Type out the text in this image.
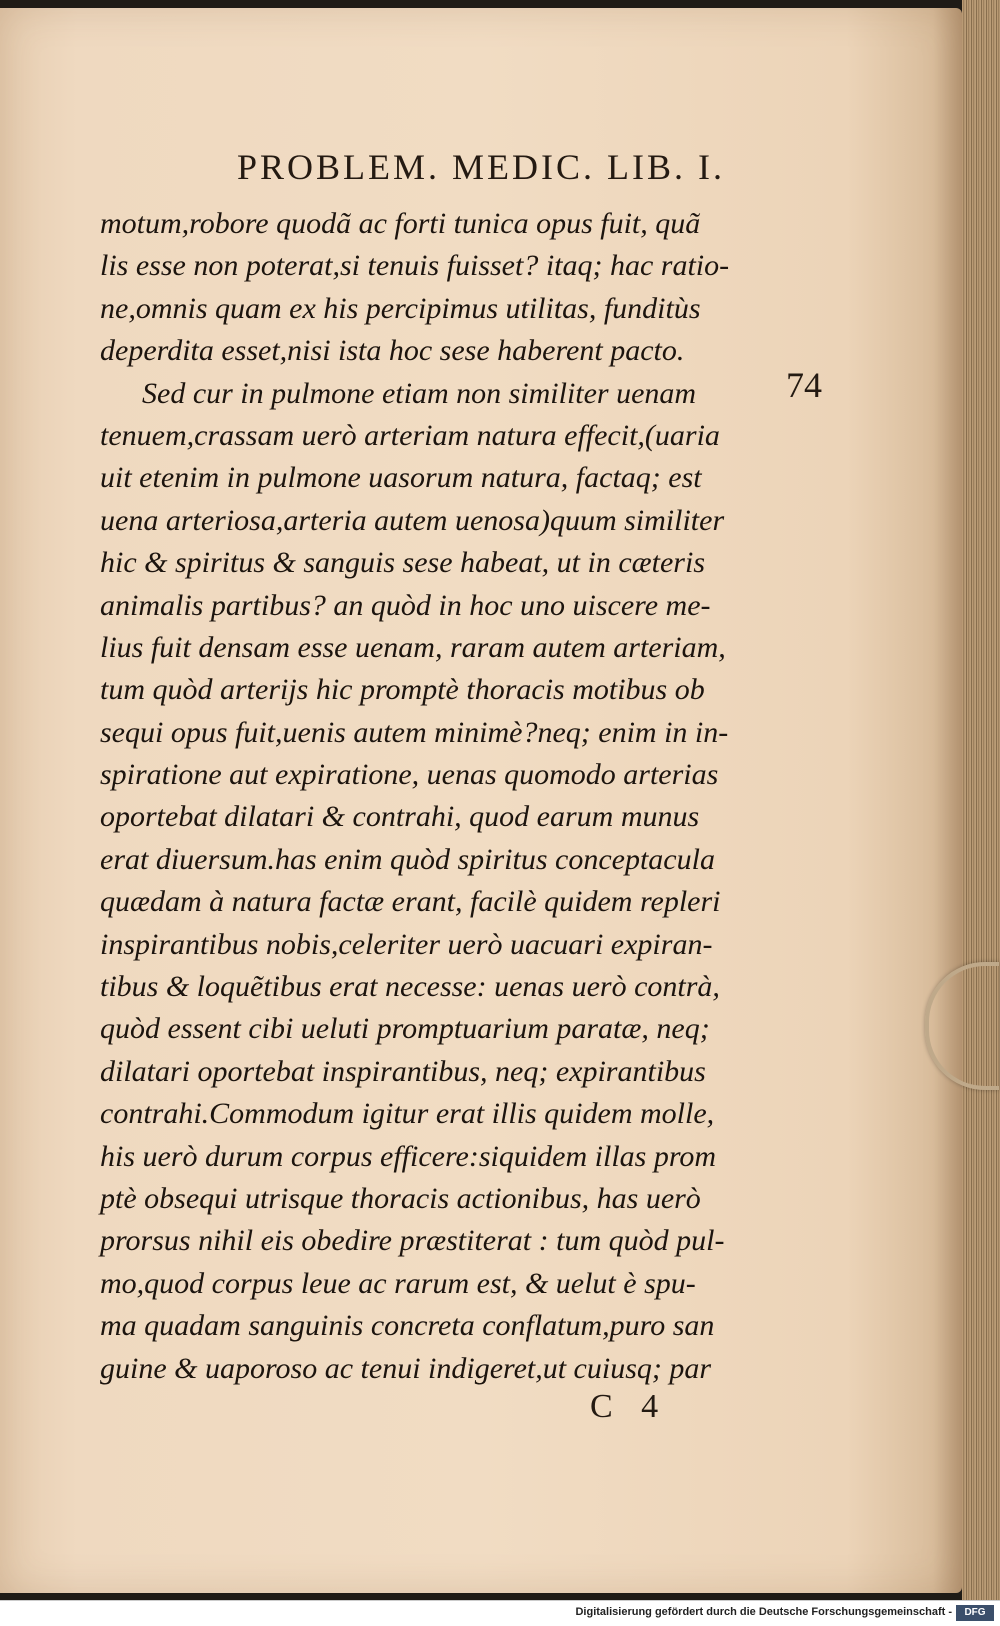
PROBLEM. MEDIC. LIB. I.
74
motum,robore quodã ac forti tunica opus fuit, quã
lis esse non poterat,si tenuis fuisset? itaq; hac ratio-
ne,omnis quam ex his percipimus utilitas, funditùs
deperdita esset,nisi ista hoc sese haberent pacto.
Sed cur in pulmone etiam non similiter uenam
tenuem,crassam uerò arteriam natura effecit,(uaria
uit etenim in pulmone uasorum natura, factaq; est
uena arteriosa,arteria autem uenosa)quum similiter
hic & spiritus & sanguis sese habeat, ut in cæteris
animalis partibus? an quòd in hoc uno uiscere me-
lius fuit densam esse uenam, raram autem arteriam,
tum quòd arterijs hic promptè thoracis motibus ob
sequi opus fuit,uenis autem minimè?neq; enim in in-
spiratione aut expiratione, uenas quomodo arterias
oportebat dilatari & contrahi, quod earum munus
erat diuersum.has enim quòd spiritus conceptacula
quædam à natura factæ erant, facilè quidem repleri
inspirantibus nobis,celeriter uerò uacuari expiran-
tibus & loquẽtibus erat necesse: uenas uerò contrà,
quòd essent cibi ueluti promptuarium paratæ, neq;
dilatari oportebat inspirantibus, neq; expirantibus
contrahi.Commodum igitur erat illis quidem molle,
his uerò durum corpus efficere:siquidem illas prom
ptè obsequi utrisque thoracis actionibus, has uerò
prorsus nihil eis obedire præstiterat : tum quòd pul-
mo,quod corpus leue ac rarum est, & uelut è spu-
ma quadam sanguinis concreta conflatum,puro san
guine & uaporoso ac tenui indigeret,ut cuiusq; par
C 4
Digitalisierung gefördert durch die Deutsche Forschungsgemeinschaft -	DFG
